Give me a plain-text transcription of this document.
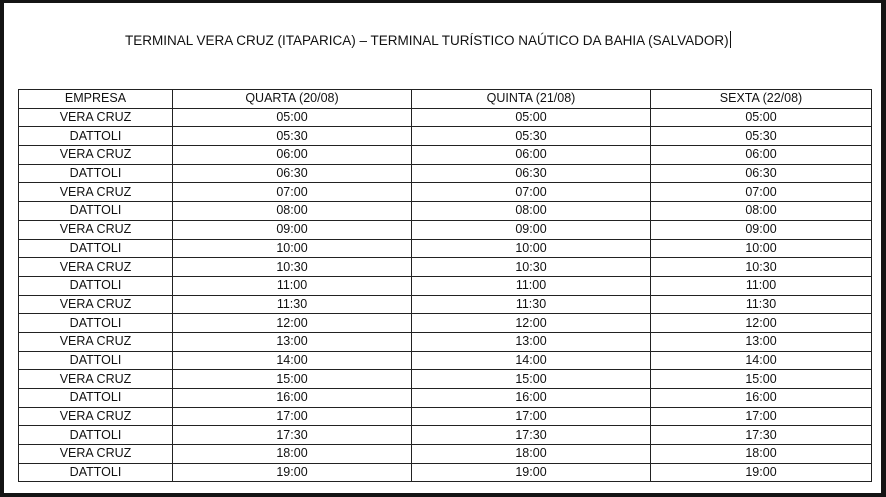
TERMINAL VERA CRUZ (ITAPARICA) – TERMINAL TURÍSTICO NAÚTICO DA BAHIA (SALVADOR)
EMPRESA	QUARTA (20/08)	QUINTA (21/08)	SEXTA (22/08)
VERA CRUZ	05:00	05:00	05:00
DATTOLI	05:30	05:30	05:30
VERA CRUZ	06:00	06:00	06:00
DATTOLI	06:30	06:30	06:30
VERA CRUZ	07:00	07:00	07:00
DATTOLI	08:00	08:00	08:00
VERA CRUZ	09:00	09:00	09:00
DATTOLI	10:00	10:00	10:00
VERA CRUZ	10:30	10:30	10:30
DATTOLI	11:00	11:00	11:00
VERA CRUZ	11:30	11:30	11:30
DATTOLI	12:00	12:00	12:00
VERA CRUZ	13:00	13:00	13:00
DATTOLI	14:00	14:00	14:00
VERA CRUZ	15:00	15:00	15:00
DATTOLI	16:00	16:00	16:00
VERA CRUZ	17:00	17:00	17:00
DATTOLI	17:30	17:30	17:30
VERA CRUZ	18:00	18:00	18:00
DATTOLI	19:00	19:00	19:00
